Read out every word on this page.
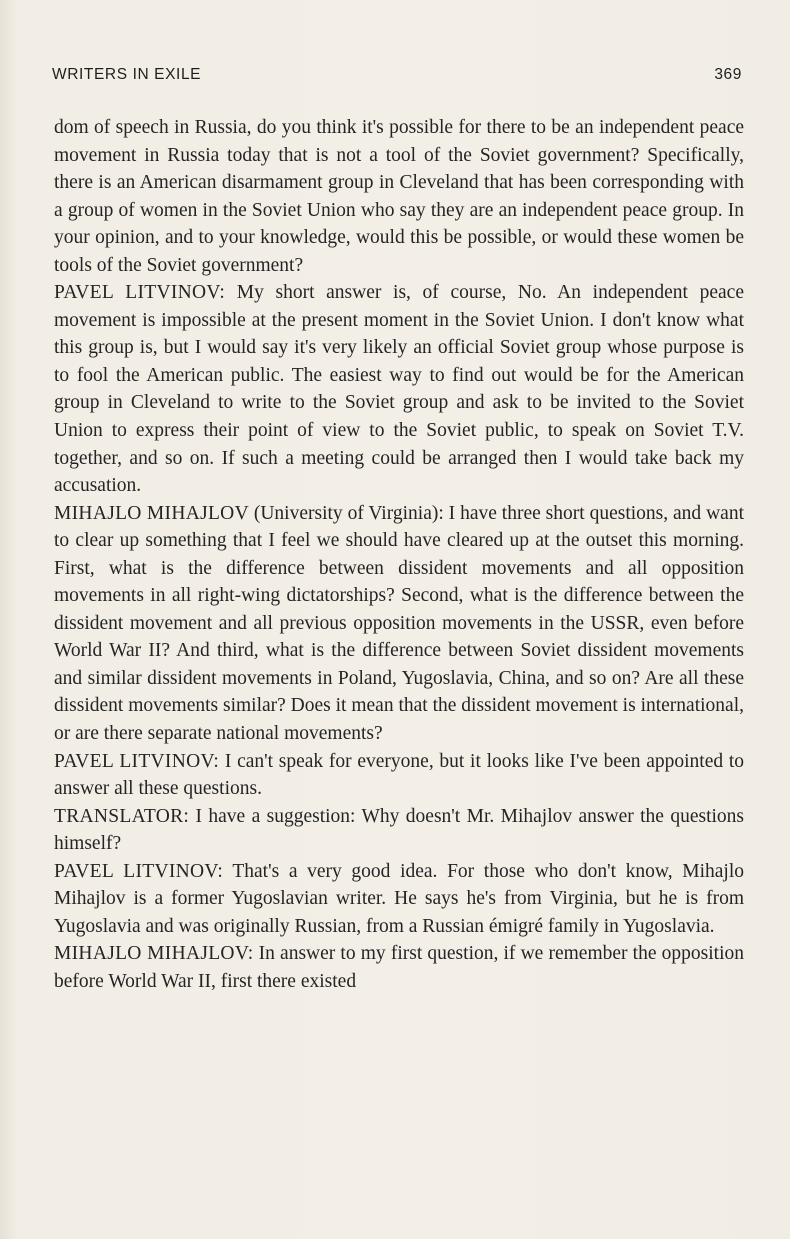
WRITERS IN EXILE	369

dom of speech in Russia, do you think it's possible for there to be an independent peace movement in Russia today that is not a tool of the Soviet government? Specifically, there is an American disarmament group in Cleveland that has been corresponding with a group of women in the Soviet Union who say they are an independent peace group. In your opinion, and to your knowledge, would this be possible, or would these women be tools of the Soviet government?

PAVEL LITVINOV: My short answer is, of course, No. An independent peace movement is impossible at the present moment in the Soviet Union. I don't know what this group is, but I would say it's very likely an official Soviet group whose purpose is to fool the American public. The easiest way to find out would be for the American group in Cleveland to write to the Soviet group and ask to be invited to the Soviet Union to express their point of view to the Soviet public, to speak on Soviet T.V. together, and so on. If such a meeting could be arranged then I would take back my accusation.

MIHAJLO MIHAJLOV (University of Virginia): I have three short questions, and want to clear up something that I feel we should have cleared up at the outset this morning. First, what is the difference between dissident movements and all opposition movements in all right-wing dictatorships? Second, what is the difference between the dissident movement and all previous opposition movements in the USSR, even before World War II? And third, what is the difference between Soviet dissident movements and similar dissident movements in Poland, Yugoslavia, China, and so on? Are all these dissident movements similar? Does it mean that the dissident movement is international, or are there separate national movements?

PAVEL LITVINOV: I can't speak for everyone, but it looks like I've been appointed to answer all these questions.

TRANSLATOR: I have a suggestion: Why doesn't Mr. Mihajlov answer the questions himself?

PAVEL LITVINOV: That's a very good idea. For those who don't know, Mihajlo Mihajlov is a former Yugoslavian writer. He says he's from Virginia, but he is from Yugoslavia and was originally Russian, from a Russian émigré family in Yugoslavia.

MIHAJLO MIHAJLOV: In answer to my first question, if we remember the opposition before World War II, first there existed
